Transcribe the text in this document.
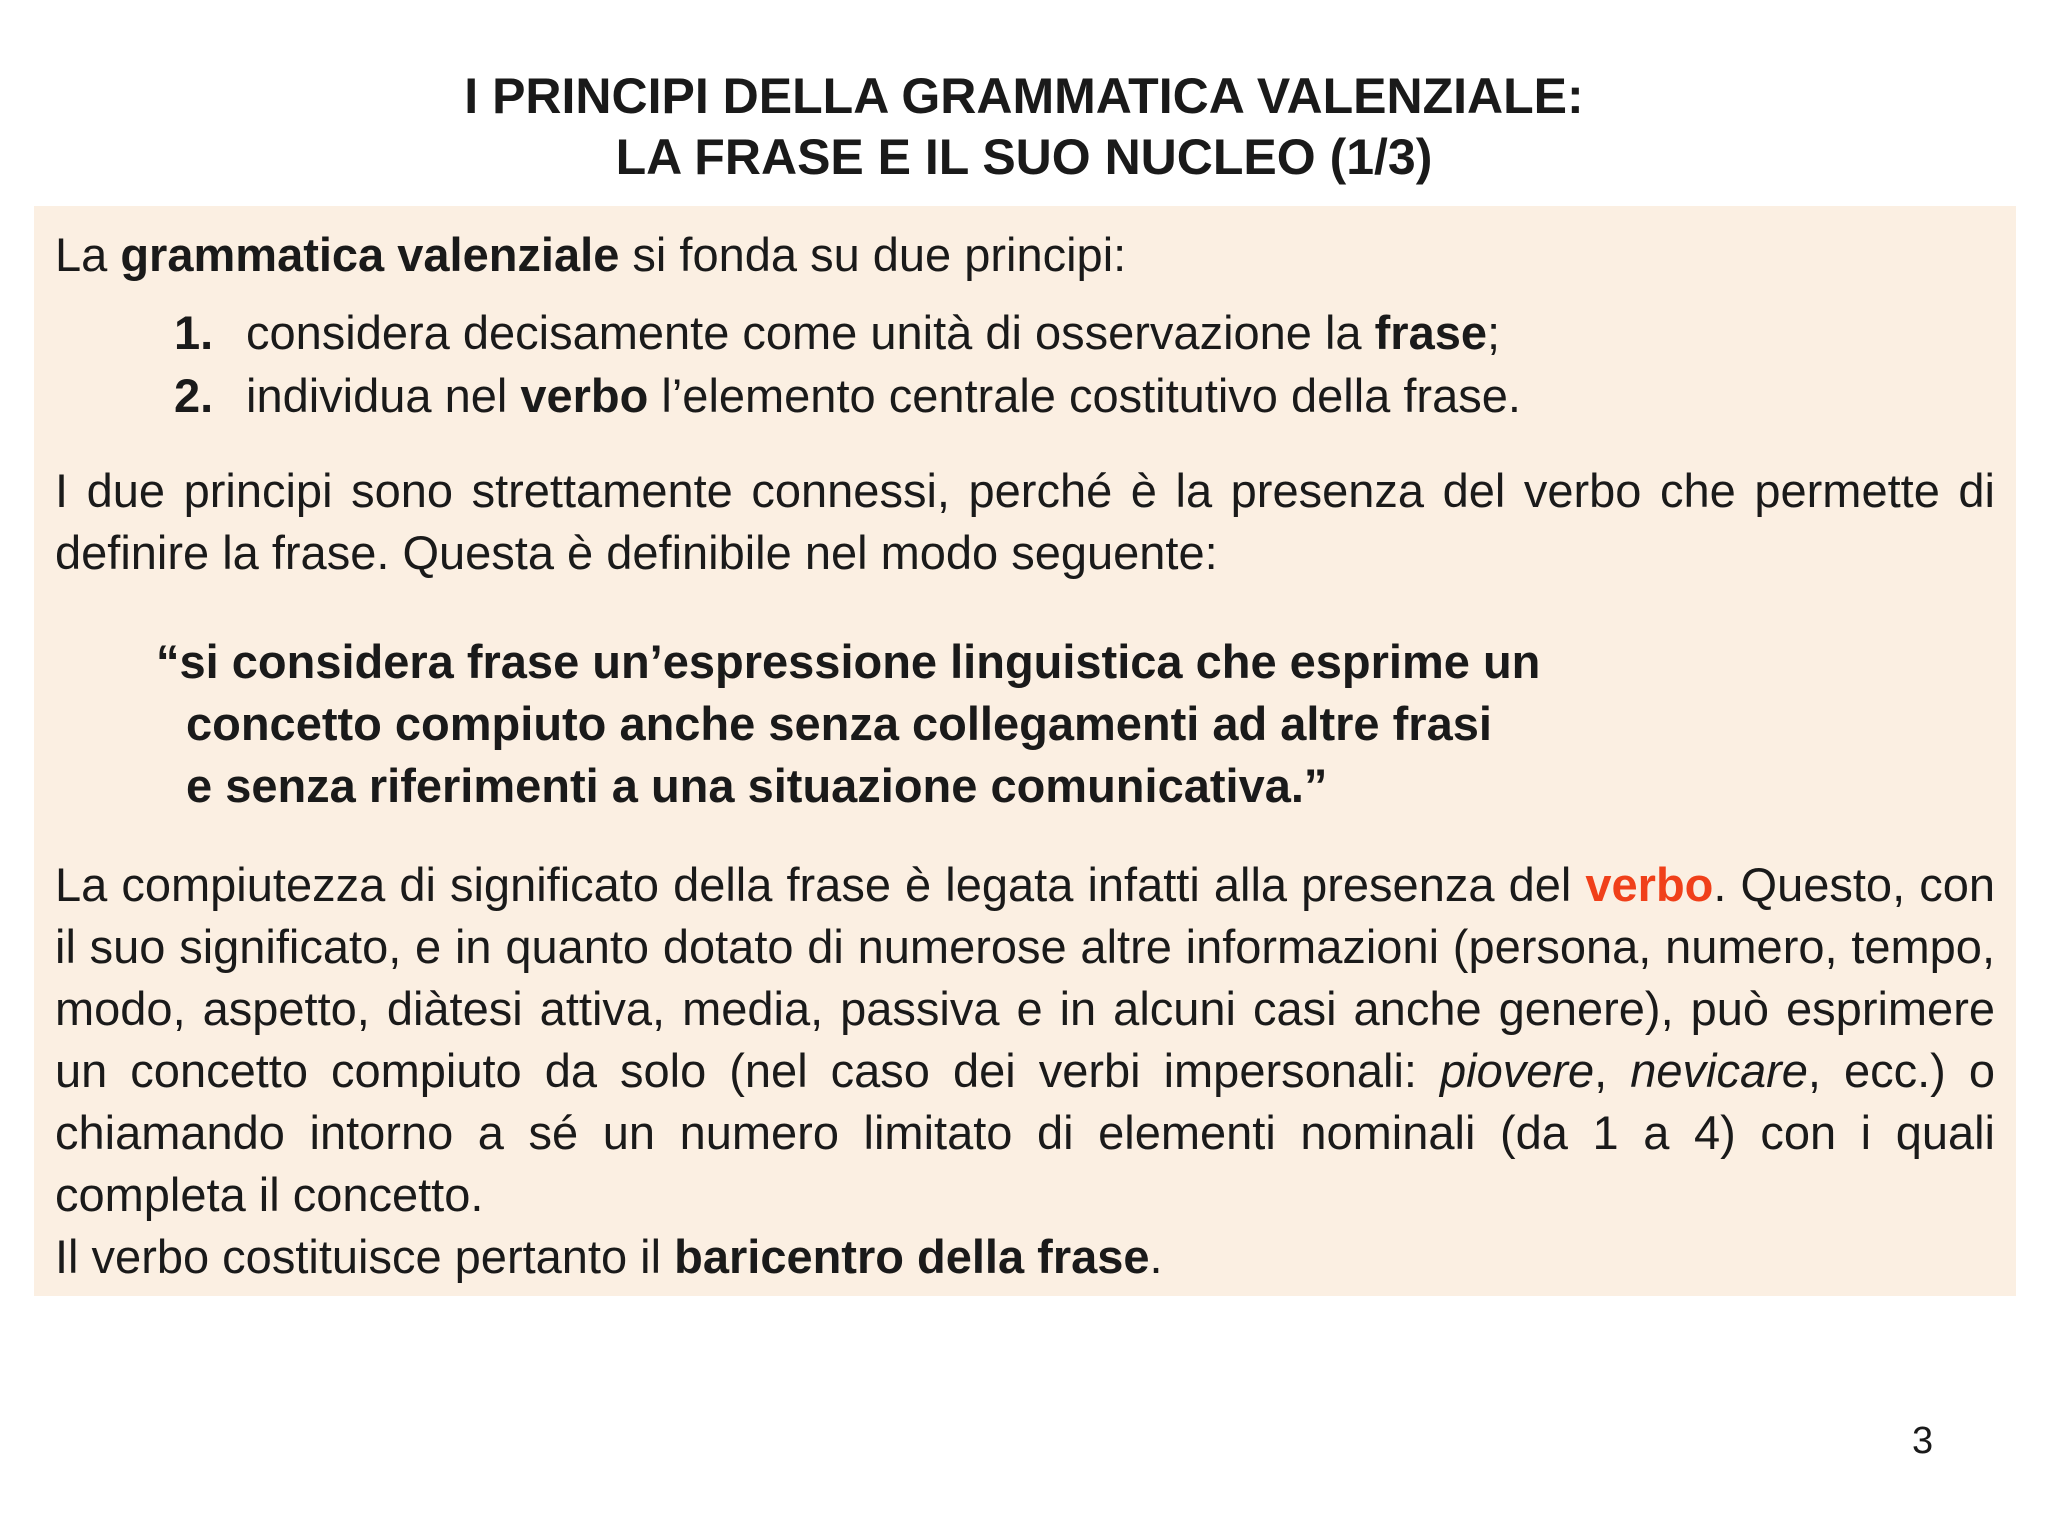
I PRINCIPI DELLA GRAMMATICA VALENZIALE:
LA FRASE E IL SUO NUCLEO (1/3)
La grammatica valenziale si fonda su due principi:
1. considera decisamente come unità di osservazione la frase;
2. individua nel verbo l’elemento centrale costitutivo della frase.
I due principi sono strettamente connessi, perché è la presenza del verbo che permette di definire la frase. Questa è definibile nel modo seguente:
“si considera frase un’espressione linguistica che esprime un
concetto compiuto anche senza collegamenti ad altre frasi
e senza riferimenti a una situazione comunicativa.”
La compiutezza di significato della frase è legata infatti alla presenza del verbo. Questo, con il suo significato, e in quanto dotato di numerose altre informazioni (persona, numero, tempo, modo, aspetto, diàtesi attiva, media, passiva e in alcuni casi anche genere), può esprimere un concetto compiuto da solo (nel caso dei verbi impersonali: piovere, nevicare, ecc.) o chiamando intorno a sé un numero limitato di elementi nominali (da 1 a 4) con i quali completa il concetto.
Il verbo costituisce pertanto il baricentro della frase.
3
